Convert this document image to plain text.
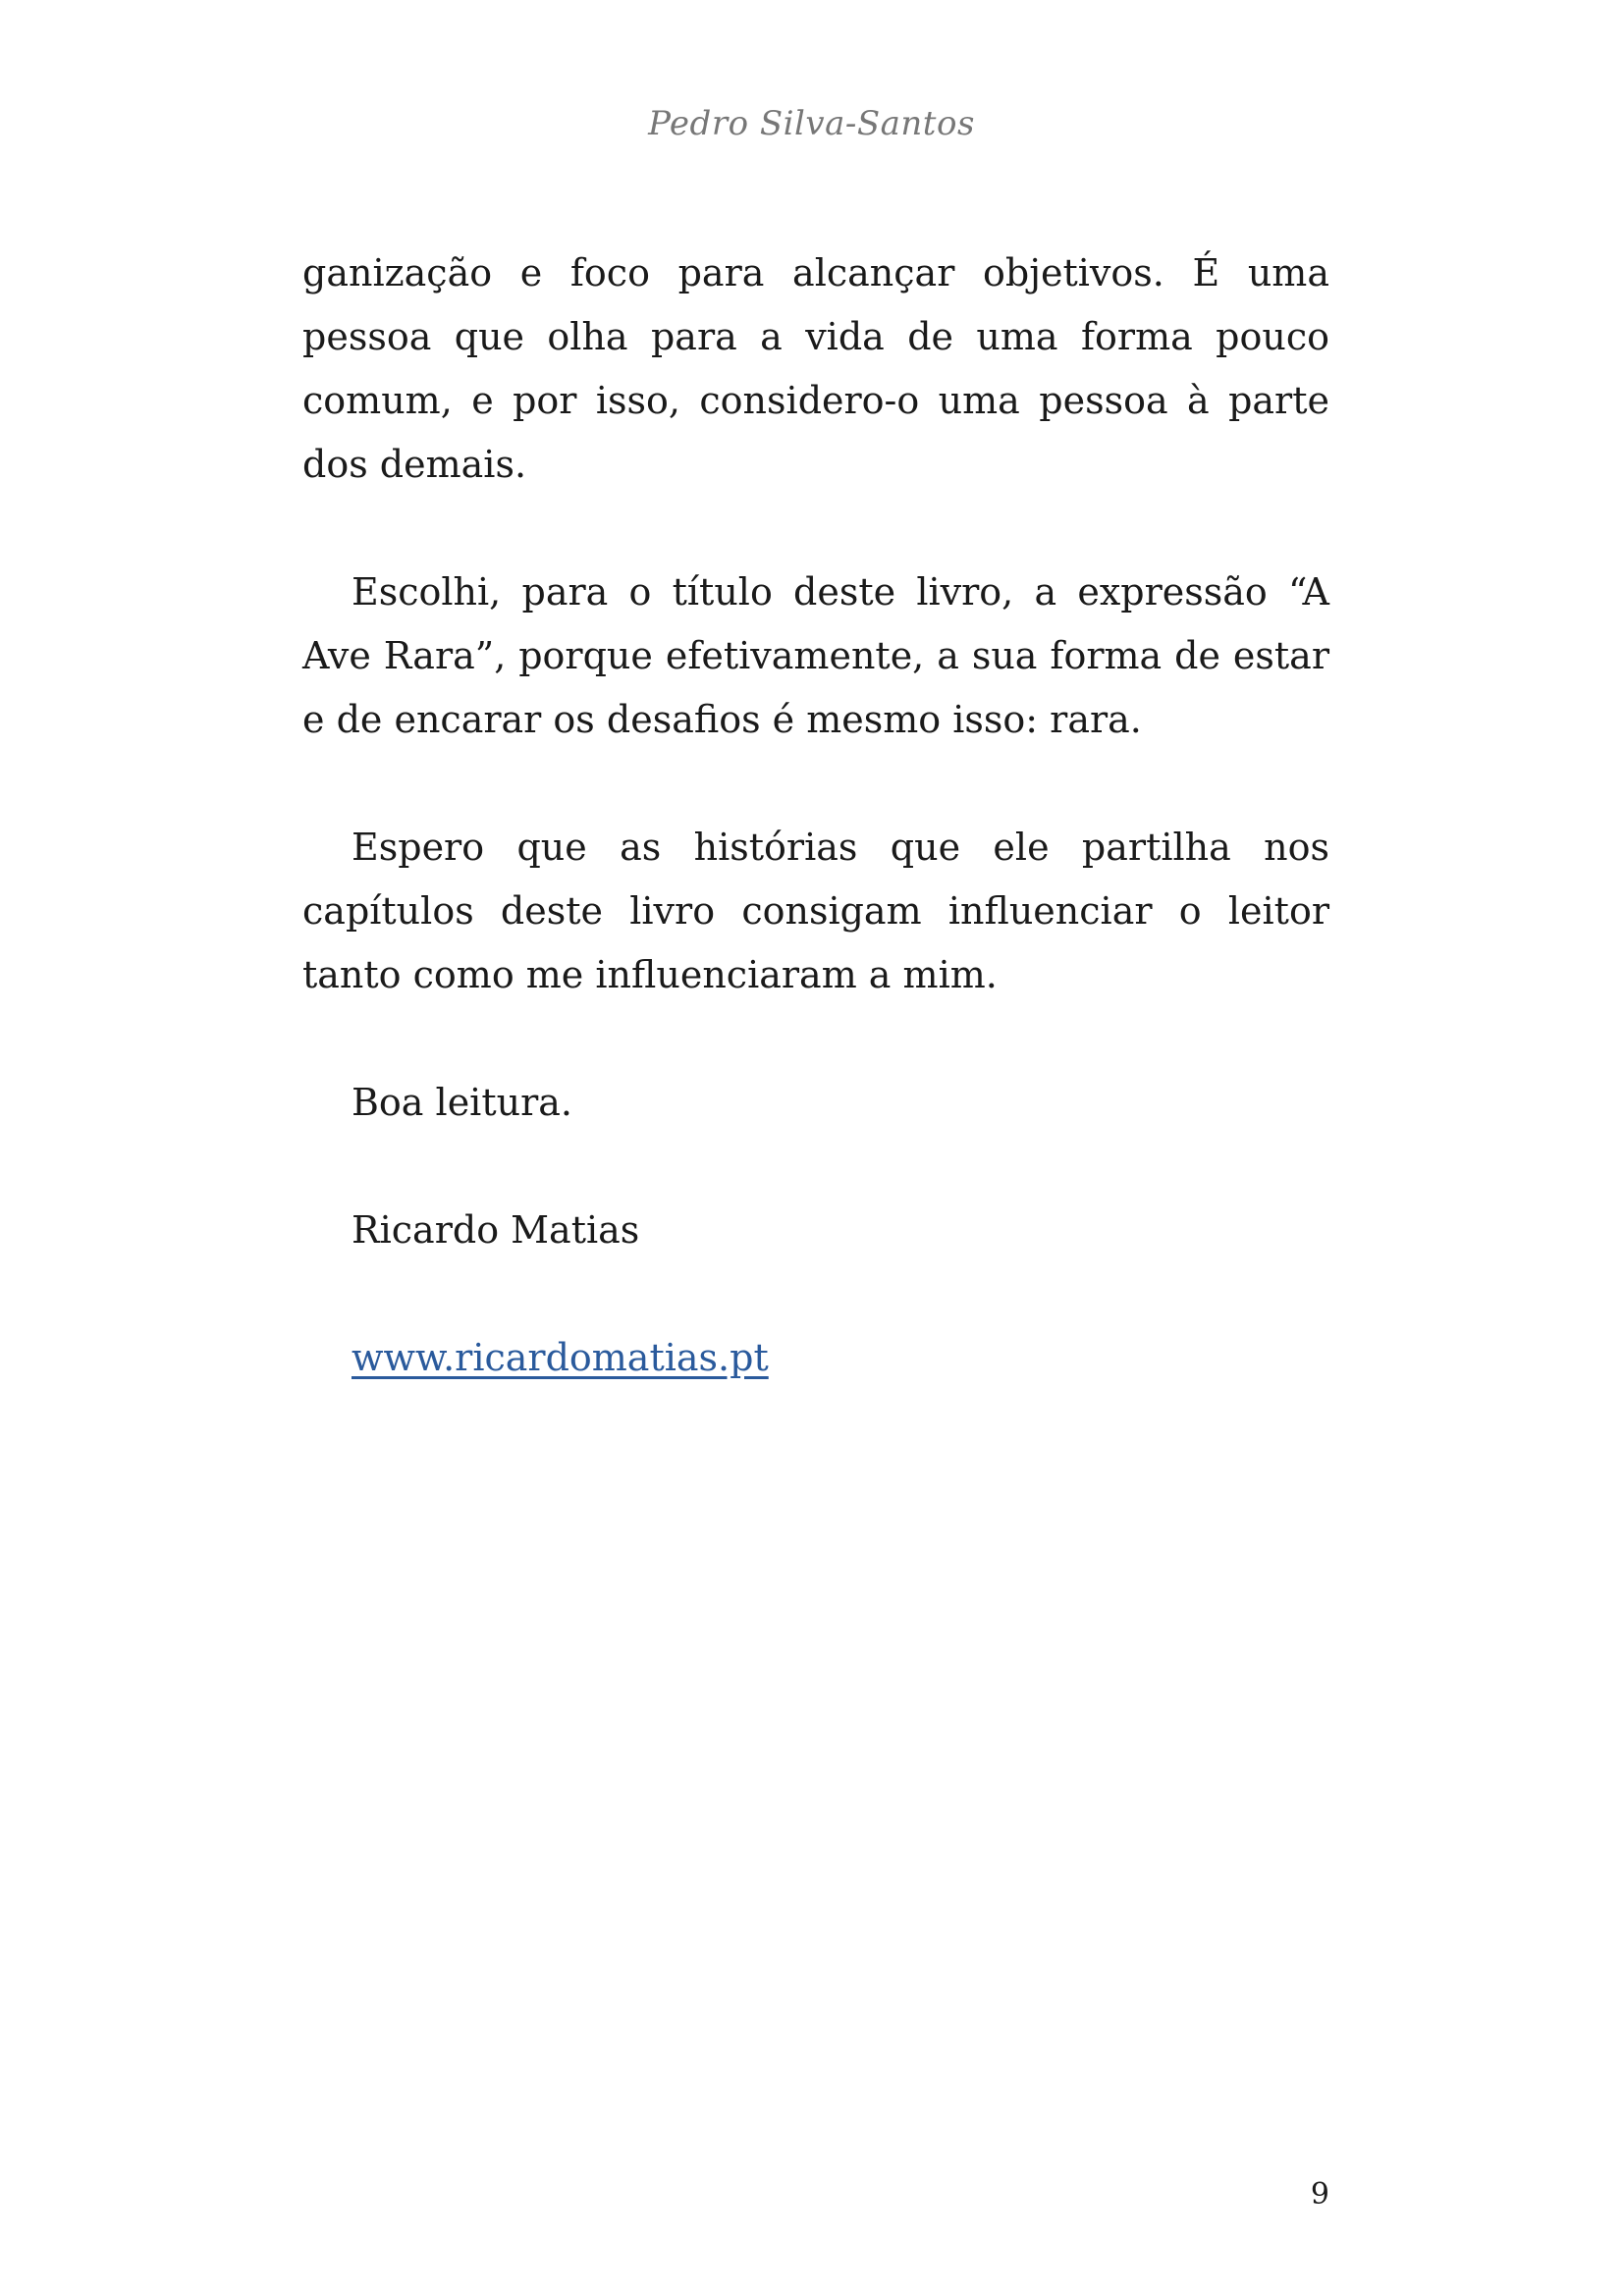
Pedro Silva-Santos

ganização e foco para alcançar objetivos. É uma pessoa que olha para a vida de uma forma pouco comum, e por isso, considero-o uma pessoa à parte dos demais.

Escolhi, para o título deste livro, a expressão “A Ave Rara”, porque efetivamente, a sua forma de estar e de encarar os desafios é mesmo isso: rara.

Espero que as histórias que ele partilha nos capítulos deste livro consigam influenciar o leitor tanto como me influenciaram a mim.

Boa leitura.

Ricardo Matias

www.ricardomatias.pt

9
